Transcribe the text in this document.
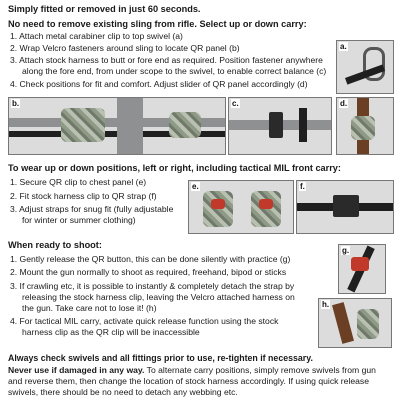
Simply fitted or removed in just 60 seconds.
No need to remove existing sling from rifle. Select up or down carry:
1. Attach metal carabiner clip to top swivel (a)
2. Wrap Velcro fasteners around sling to locate QR panel (b)
3. Attach stock harness to butt or fore end as required. Position fastener anywhere
along the fore end, from under scope to the swivel, to enable correct balance (c)
4. Check positions for fit and comfort. Adjust slider of QR panel accordingly (d)
a.
b.	c.	d.
To wear up or down positions, left or right, including tactical MIL front carry:
1. Secure QR clip to chest panel (e)
2. Fit stock harness clip to QR strap (f)
3. Adjust straps for snug fit (fully adjustable
for winter or summer clothing)
e.	f.
When ready to shoot:
1. Gently release the QR button, this can be done silently with practice (g)
2. Mount the gun normally to shoot as required, freehand, bipod or sticks
3. If crawling etc, it is possible to instantly & completely detach the strap by
releasing the stock harness clip, leaving the Velcro attached harness on
the gun. Take care not to lose it! (h)
4. For tactical MIL carry, activate quick release function using the stock
harness clip as the QR clip will be inaccessible
g.
h.
Always check swivels and all fittings prior to use, re-tighten if necessary.
Never use if damaged in any way. To alternate carry positions, simply remove swivels from gun
and reverse them, then change the location of stock harness accordingly. If using quick release
swivels, there should be no need to detach any webbing etc.
